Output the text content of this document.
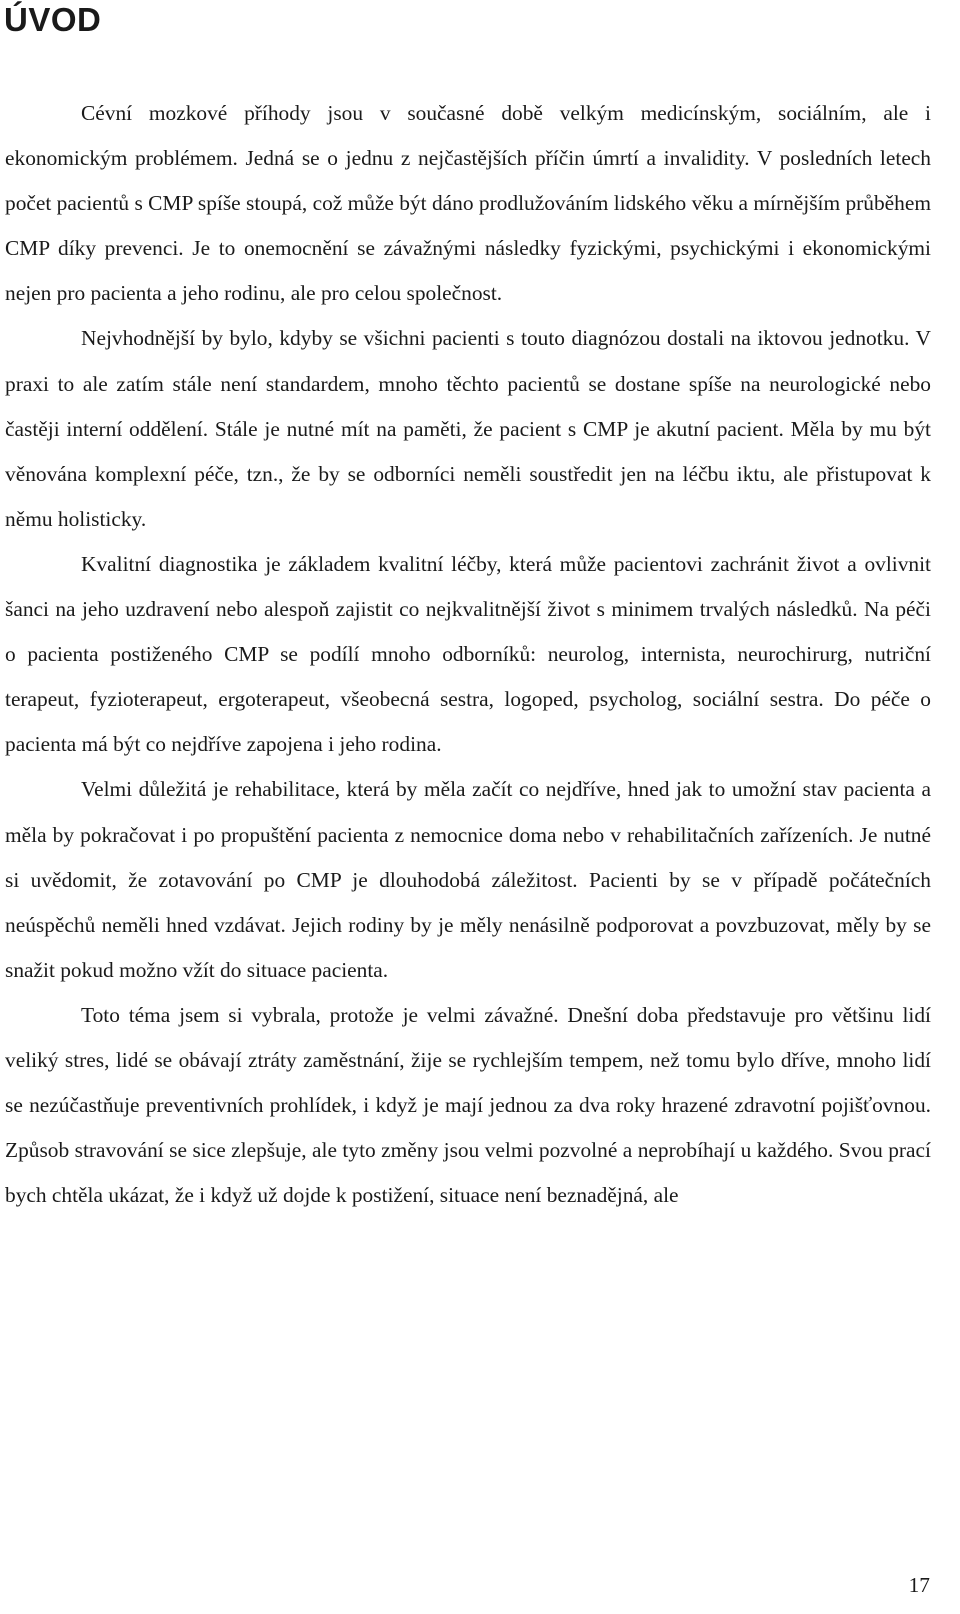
ÚVOD

Cévní mozkové příhody jsou v současné době velkým medicínským, sociálním, ale i ekonomickým problémem. Jedná se o jednu z nejčastějších příčin úmrtí a invalidity. V posledních letech počet pacientů s CMP spíše stoupá, což může být dáno prodlužováním lidského věku a mírnějším průběhem CMP díky prevenci. Je to onemocnění se závažnými následky fyzickými, psychickými i ekonomickými nejen pro pacienta a jeho rodinu, ale pro celou společnost.

Nejvhodnější by bylo, kdyby se všichni pacienti s touto diagnózou dostali na iktovou jednotku. V praxi to ale zatím stále není standardem, mnoho těchto pacientů se dostane spíše na neurologické nebo častěji interní oddělení. Stále je nutné mít na paměti, že pacient s CMP je akutní pacient. Měla by mu být věnována komplexní péče, tzn., že by se odborníci neměli soustředit jen na léčbu iktu, ale přistupovat k němu holisticky.

Kvalitní diagnostika je základem kvalitní léčby, která může pacientovi zachránit život a ovlivnit šanci na jeho uzdravení nebo alespoň zajistit co nejkvalitnější život s minimem trvalých následků. Na péči o pacienta postiženého CMP se podílí mnoho odborníků: neurolog, internista, neurochirurg, nutriční terapeut, fyzioterapeut, ergoterapeut, všeobecná sestra, logoped, psycholog, sociální sestra. Do péče o pacienta má být co nejdříve zapojena i jeho rodina.

Velmi důležitá je rehabilitace, která by měla začít co nejdříve, hned jak to umožní stav pacienta a měla by pokračovat i po propuštění pacienta z nemocnice doma nebo v rehabilitačních zařízeních. Je nutné si uvědomit, že zotavování po CMP je dlouhodobá záležitost. Pacienti by se v případě počátečních neúspěchů neměli hned vzdávat. Jejich rodiny by je měly nenásilně podporovat a povzbuzovat, měly by se snažit pokud možno vžít do situace pacienta.

Toto téma jsem si vybrala, protože je velmi závažné. Dnešní doba představuje pro většinu lidí veliký stres, lidé se obávají ztráty zaměstnání, žije se rychlejším tempem, než tomu bylo dříve, mnoho lidí se nezúčastňuje preventivních prohlídek, i když je mají jednou za dva roky hrazené zdravotní pojišťovnou. Způsob stravování se sice zlepšuje, ale tyto změny jsou velmi pozvolné a neprobíhají u každého. Svou prací bych chtěla ukázat, že i když už dojde k postižení, situace není beznadějná, ale

17
